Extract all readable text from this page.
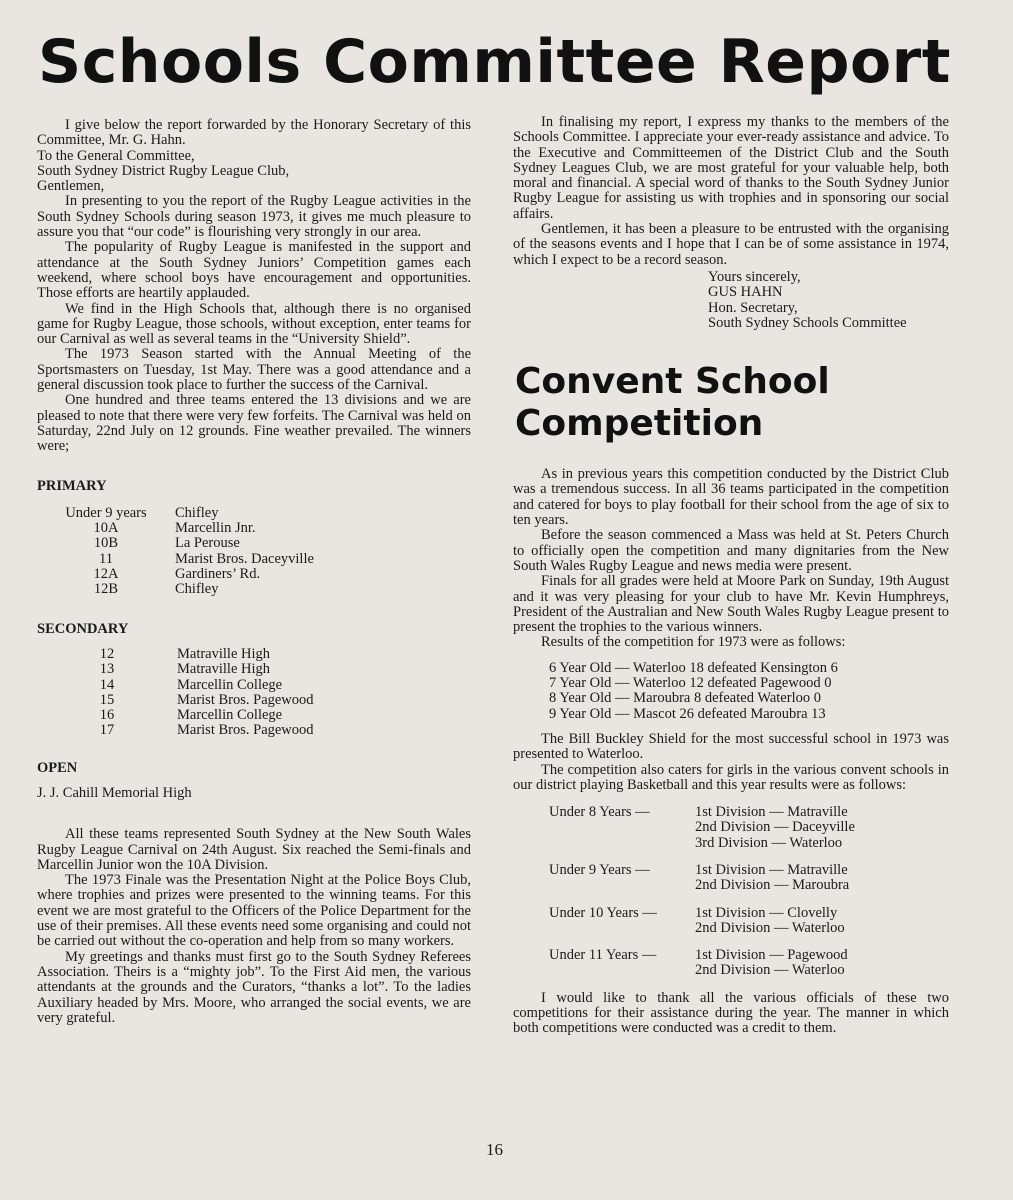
Schools Committee Report

I give below the report forwarded by the Honorary Secretary of this Committee, Mr. G. Hahn.

To the General Committee,

South Sydney District Rugby League Club,

Gentlemen,

In presenting to you the report of the Rugby League activities in the South Sydney Schools during season 1973, it gives me much pleasure to assure you that “our code” is flourishing very strongly in our area.

The popularity of Rugby League is manifested in the support and attendance at the South Sydney Juniors’ Competition games each weekend, where school boys have encouragement and opportunities. Those efforts are heartily applauded.

We find in the High Schools that, although there is no organised game for Rugby League, those schools, without exception, enter teams for our Carnival as well as several teams in the “University Shield”.

The 1973 Season started with the Annual Meeting of the Sportsmasters on Tuesday, 1st May. There was a good attendance and a general discussion took place to further the success of the Carnival.

One hundred and three teams entered the 13 divisions and we are pleased to note that there were very few forfeits. The Carnival was held on Saturday, 22nd July on 12 grounds. Fine weather prevailed. The winners were;

PRIMARY

Under 9 years	Chifley
10A	Marcellin Jnr.
10B	La Perouse
11	Marist Bros. Daceyville
12A	Gardiners’ Rd.
12B	Chifley

SECONDARY

12	Matraville High
13	Matraville High
14	Marcellin College
15	Marist Bros. Pagewood
16	Marcellin College
17	Marist Bros. Pagewood

OPEN

J. J. Cahill Memorial High

All these teams represented South Sydney at the New South Wales Rugby League Carnival on 24th August. Six reached the Semi-finals and Marcellin Junior won the 10A Division.

The 1973 Finale was the Presentation Night at the Police Boys Club, where trophies and prizes were presented to the winning teams. For this event we are most grateful to the Officers of the Police Department for the use of their premises. All these events need some organising and could not be carried out without the co-operation and help from so many workers.

My greetings and thanks must first go to the South Sydney Referees Association. Theirs is a “mighty job”. To the First Aid men, the various attendants at the grounds and the Curators, “thanks a lot”. To the ladies Auxiliary headed by Mrs. Moore, who arranged the social events, we are very grateful.

In finalising my report, I express my thanks to the members of the Schools Committee. I appreciate your ever-ready assistance and advice. To the Executive and Committeemen of the District Club and the South Sydney Leagues Club, we are most grateful for your valuable help, both moral and financial. A special word of thanks to the South Sydney Junior Rugby League for assisting us with trophies and in sponsoring our social affairs.

Gentlemen, it has been a pleasure to be entrusted with the organising of the seasons events and I hope that I can be of some assistance in 1974, which I expect to be a record season.

Yours sincerely,
GUS HAHN
Hon. Secretary,
South Sydney Schools Committee
Convent School Competition

As in previous years this competition conducted by the District Club was a tremendous success. In all 36 teams participated in the competition and catered for boys to play football for their school from the age of six to ten years.

Before the season commenced a Mass was held at St. Peters Church to officially open the competition and many dignitaries from the New South Wales Rugby League and news media were present.

Finals for all grades were held at Moore Park on Sunday, 19th August and it was very pleasing for your club to have Mr. Kevin Humphreys, President of the Australian and New South Wales Rugby League present to present the trophies to the various winners.

Results of the competition for 1973 were as follows:

6 Year Old — Waterloo 18 defeated Kensington 6
7 Year Old — Waterloo 12 defeated Pagewood 0
8 Year Old — Maroubra 8 defeated Waterloo 0
9 Year Old — Mascot 26 defeated Maroubra 13

The Bill Buckley Shield for the most successful school in 1973 was presented to Waterloo.

The competition also caters for girls in the various convent schools in our district playing Basketball and this year results were as follows:

Under 8 Years —	1st Division — Matraville
2nd Division — Daceyville
3rd Division — Waterloo
Under 9 Years —	1st Division — Matraville
2nd Division — Maroubra
Under 10 Years —	1st Division — Clovelly
2nd Division — Waterloo
Under 11 Years —	1st Division — Pagewood
2nd Division — Waterloo

I would like to thank all the various officials of these two competitions for their assistance during the year. The manner in which both competitions were conducted was a credit to them.

16
